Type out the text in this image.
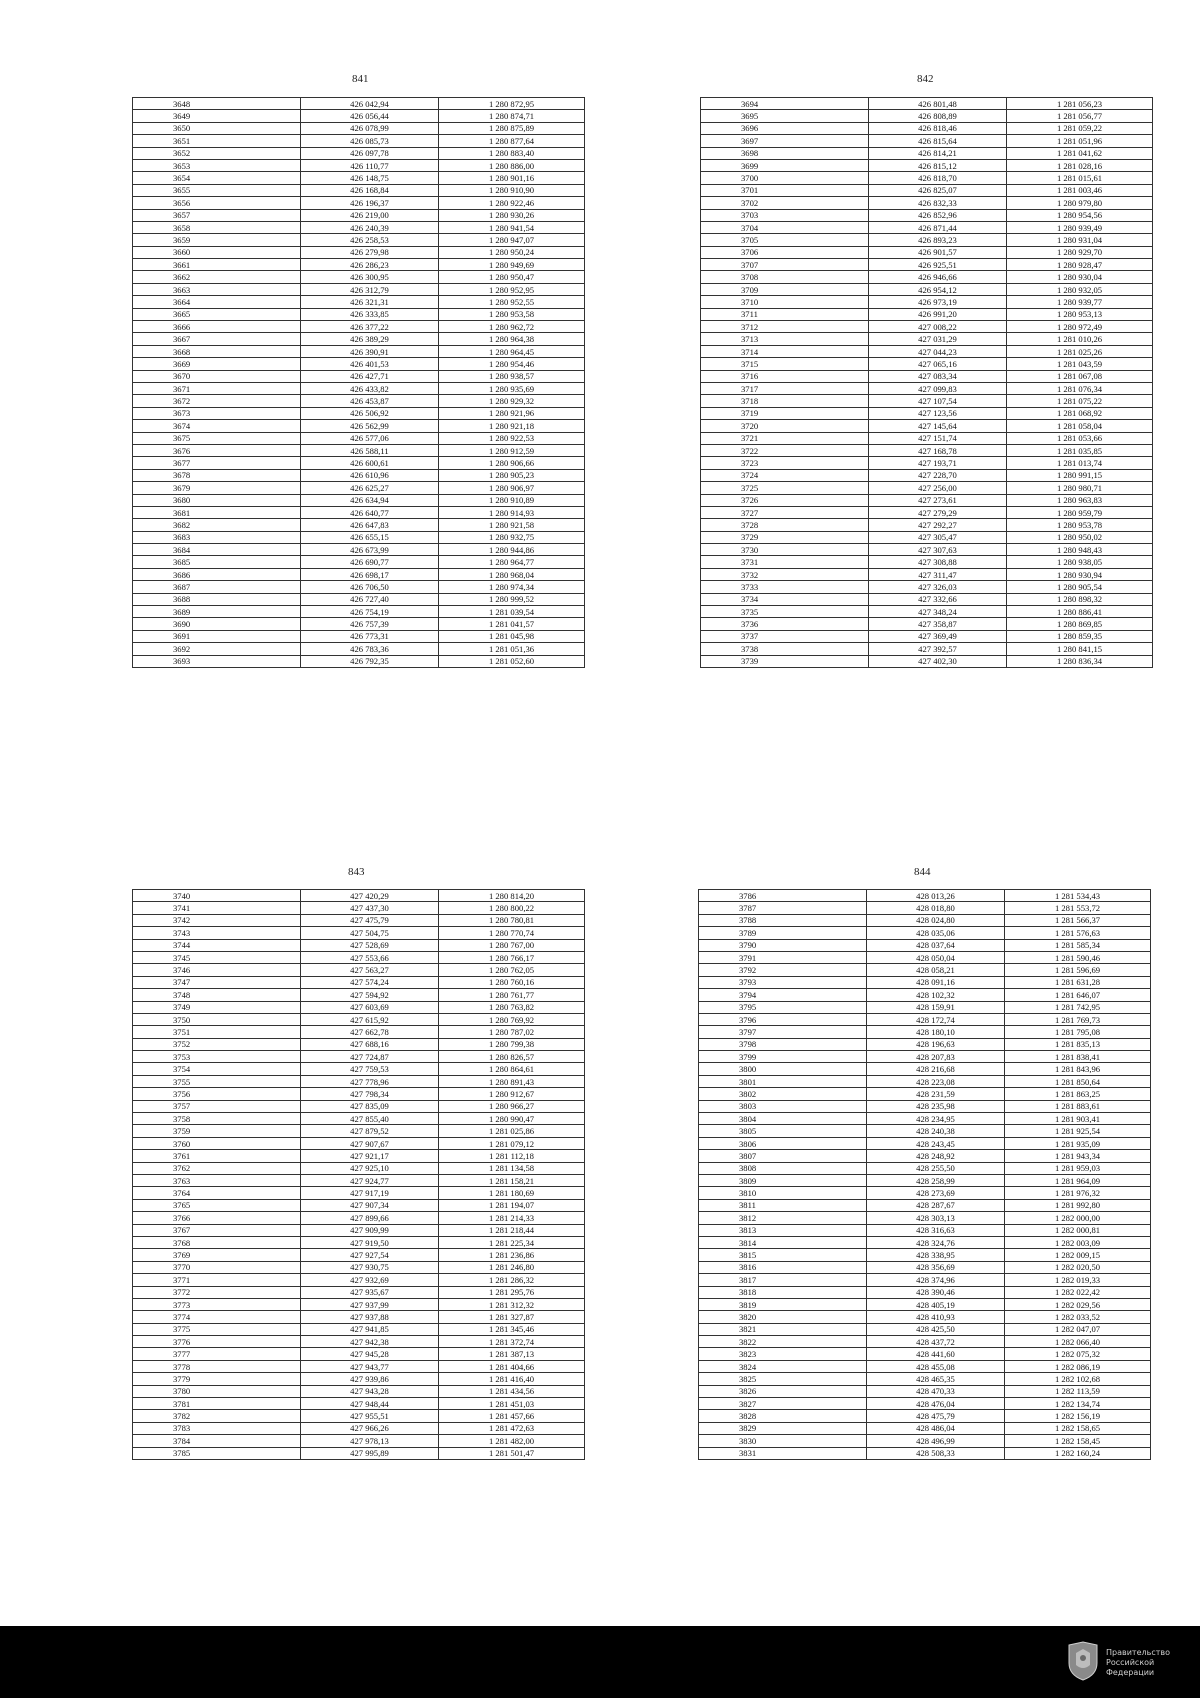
841
3648	426 042,94	1 280 872,95
3649	426 056,44	1 280 874,71
3650	426 078,99	1 280 875,89
3651	426 085,73	1 280 877,64
3652	426 097,78	1 280 883,40
3653	426 110,77	1 280 886,00
3654	426 148,75	1 280 901,16
3655	426 168,84	1 280 910,90
3656	426 196,37	1 280 922,46
3657	426 219,00	1 280 930,26
3658	426 240,39	1 280 941,54
3659	426 258,53	1 280 947,07
3660	426 279,98	1 280 950,24
3661	426 286,23	1 280 949,69
3662	426 300,95	1 280 950,47
3663	426 312,79	1 280 952,95
3664	426 321,31	1 280 952,55
3665	426 333,85	1 280 953,58
3666	426 377,22	1 280 962,72
3667	426 389,29	1 280 964,38
3668	426 390,91	1 280 964,45
3669	426 401,53	1 280 954,46
3670	426 427,71	1 280 938,57
3671	426 433,82	1 280 935,69
3672	426 453,87	1 280 929,32
3673	426 506,92	1 280 921,96
3674	426 562,99	1 280 921,18
3675	426 577,06	1 280 922,53
3676	426 588,11	1 280 912,59
3677	426 600,61	1 280 906,66
3678	426 610,96	1 280 905,23
3679	426 625,27	1 280 906,97
3680	426 634,94	1 280 910,89
3681	426 640,77	1 280 914,93
3682	426 647,83	1 280 921,58
3683	426 655,15	1 280 932,75
3684	426 673,99	1 280 944,86
3685	426 690,77	1 280 964,77
3686	426 698,17	1 280 968,04
3687	426 706,50	1 280 974,34
3688	426 727,40	1 280 999,52
3689	426 754,19	1 281 039,54
3690	426 757,39	1 281 041,57
3691	426 773,31	1 281 045,98
3692	426 783,36	1 281 051,36
3693	426 792,35	1 281 052,60
842
3694	426 801,48	1 281 056,23
3695	426 808,89	1 281 056,77
3696	426 818,46	1 281 059,22
3697	426 815,64	1 281 051,96
3698	426 814,21	1 281 041,62
3699	426 815,12	1 281 028,16
3700	426 818,70	1 281 015,61
3701	426 825,07	1 281 003,46
3702	426 832,33	1 280 979,80
3703	426 852,96	1 280 954,56
3704	426 871,44	1 280 939,49
3705	426 893,23	1 280 931,04
3706	426 901,57	1 280 929,70
3707	426 925,51	1 280 928,47
3708	426 946,66	1 280 930,04
3709	426 954,12	1 280 932,05
3710	426 973,19	1 280 939,77
3711	426 991,20	1 280 953,13
3712	427 008,22	1 280 972,49
3713	427 031,29	1 281 010,26
3714	427 044,23	1 281 025,26
3715	427 065,16	1 281 043,59
3716	427 083,34	1 281 067,08
3717	427 099,83	1 281 076,34
3718	427 107,54	1 281 075,22
3719	427 123,56	1 281 068,92
3720	427 145,64	1 281 058,04
3721	427 151,74	1 281 053,66
3722	427 168,78	1 281 035,85
3723	427 193,71	1 281 013,74
3724	427 228,70	1 280 991,15
3725	427 256,00	1 280 980,71
3726	427 273,61	1 280 963,83
3727	427 279,29	1 280 959,79
3728	427 292,27	1 280 953,78
3729	427 305,47	1 280 950,02
3730	427 307,63	1 280 948,43
3731	427 308,88	1 280 938,05
3732	427 311,47	1 280 930,94
3733	427 326,03	1 280 905,54
3734	427 332,66	1 280 898,32
3735	427 348,24	1 280 886,41
3736	427 358,87	1 280 869,85
3737	427 369,49	1 280 859,35
3738	427 392,57	1 280 841,15
3739	427 402,30	1 280 836,34
843
3740	427 420,29	1 280 814,20
3741	427 437,30	1 280 800,22
3742	427 475,79	1 280 780,81
3743	427 504,75	1 280 770,74
3744	427 528,69	1 280 767,00
3745	427 553,66	1 280 766,17
3746	427 563,27	1 280 762,05
3747	427 574,24	1 280 760,16
3748	427 594,92	1 280 761,77
3749	427 603,69	1 280 763,82
3750	427 615,92	1 280 769,92
3751	427 662,78	1 280 787,02
3752	427 688,16	1 280 799,38
3753	427 724,87	1 280 826,57
3754	427 759,53	1 280 864,61
3755	427 778,96	1 280 891,43
3756	427 798,34	1 280 912,67
3757	427 835,09	1 280 966,27
3758	427 855,40	1 280 990,47
3759	427 879,52	1 281 025,86
3760	427 907,67	1 281 079,12
3761	427 921,17	1 281 112,18
3762	427 925,10	1 281 134,58
3763	427 924,77	1 281 158,21
3764	427 917,19	1 281 180,69
3765	427 907,34	1 281 194,07
3766	427 899,66	1 281 214,33
3767	427 909,99	1 281 218,44
3768	427 919,50	1 281 225,34
3769	427 927,54	1 281 236,86
3770	427 930,75	1 281 246,80
3771	427 932,69	1 281 286,32
3772	427 935,67	1 281 295,76
3773	427 937,99	1 281 312,32
3774	427 937,88	1 281 327,87
3775	427 941,85	1 281 345,46
3776	427 942,38	1 281 372,74
3777	427 945,28	1 281 387,13
3778	427 943,77	1 281 404,66
3779	427 939,86	1 281 416,40
3780	427 943,28	1 281 434,56
3781	427 948,44	1 281 451,03
3782	427 955,51	1 281 457,66
3783	427 966,26	1 281 472,63
3784	427 978,13	1 281 482,00
3785	427 995,89	1 281 501,47
844
3786	428 013,26	1 281 534,43
3787	428 018,80	1 281 553,72
3788	428 024,80	1 281 566,37
3789	428 035,06	1 281 576,63
3790	428 037,64	1 281 585,34
3791	428 050,04	1 281 590,46
3792	428 058,21	1 281 596,69
3793	428 091,16	1 281 631,28
3794	428 102,32	1 281 646,07
3795	428 159,91	1 281 742,95
3796	428 172,74	1 281 769,73
3797	428 180,10	1 281 795,08
3798	428 196,63	1 281 835,13
3799	428 207,83	1 281 838,41
3800	428 216,68	1 281 843,96
3801	428 223,08	1 281 850,64
3802	428 231,59	1 281 863,25
3803	428 235,98	1 281 883,61
3804	428 234,95	1 281 903,41
3805	428 240,38	1 281 925,54
3806	428 243,45	1 281 935,09
3807	428 248,92	1 281 943,34
3808	428 255,50	1 281 959,03
3809	428 258,99	1 281 964,09
3810	428 273,69	1 281 976,32
3811	428 287,67	1 281 992,80
3812	428 303,13	1 282 000,00
3813	428 316,63	1 282 000,81
3814	428 324,76	1 282 003,09
3815	428 338,95	1 282 009,15
3816	428 356,69	1 282 020,50
3817	428 374,96	1 282 019,33
3818	428 390,46	1 282 022,42
3819	428 405,19	1 282 029,56
3820	428 410,93	1 282 033,52
3821	428 425,50	1 282 047,07
3822	428 437,72	1 282 066,40
3823	428 441,60	1 282 075,32
3824	428 455,08	1 282 086,19
3825	428 465,35	1 282 102,68
3826	428 470,33	1 282 113,59
3827	428 476,04	1 282 134,74
3828	428 475,79	1 282 156,19
3829	428 486,04	1 282 158,65
3830	428 496,99	1 282 158,45
3831	428 508,33	1 282 160,24
Правительство
Российской Федерации
